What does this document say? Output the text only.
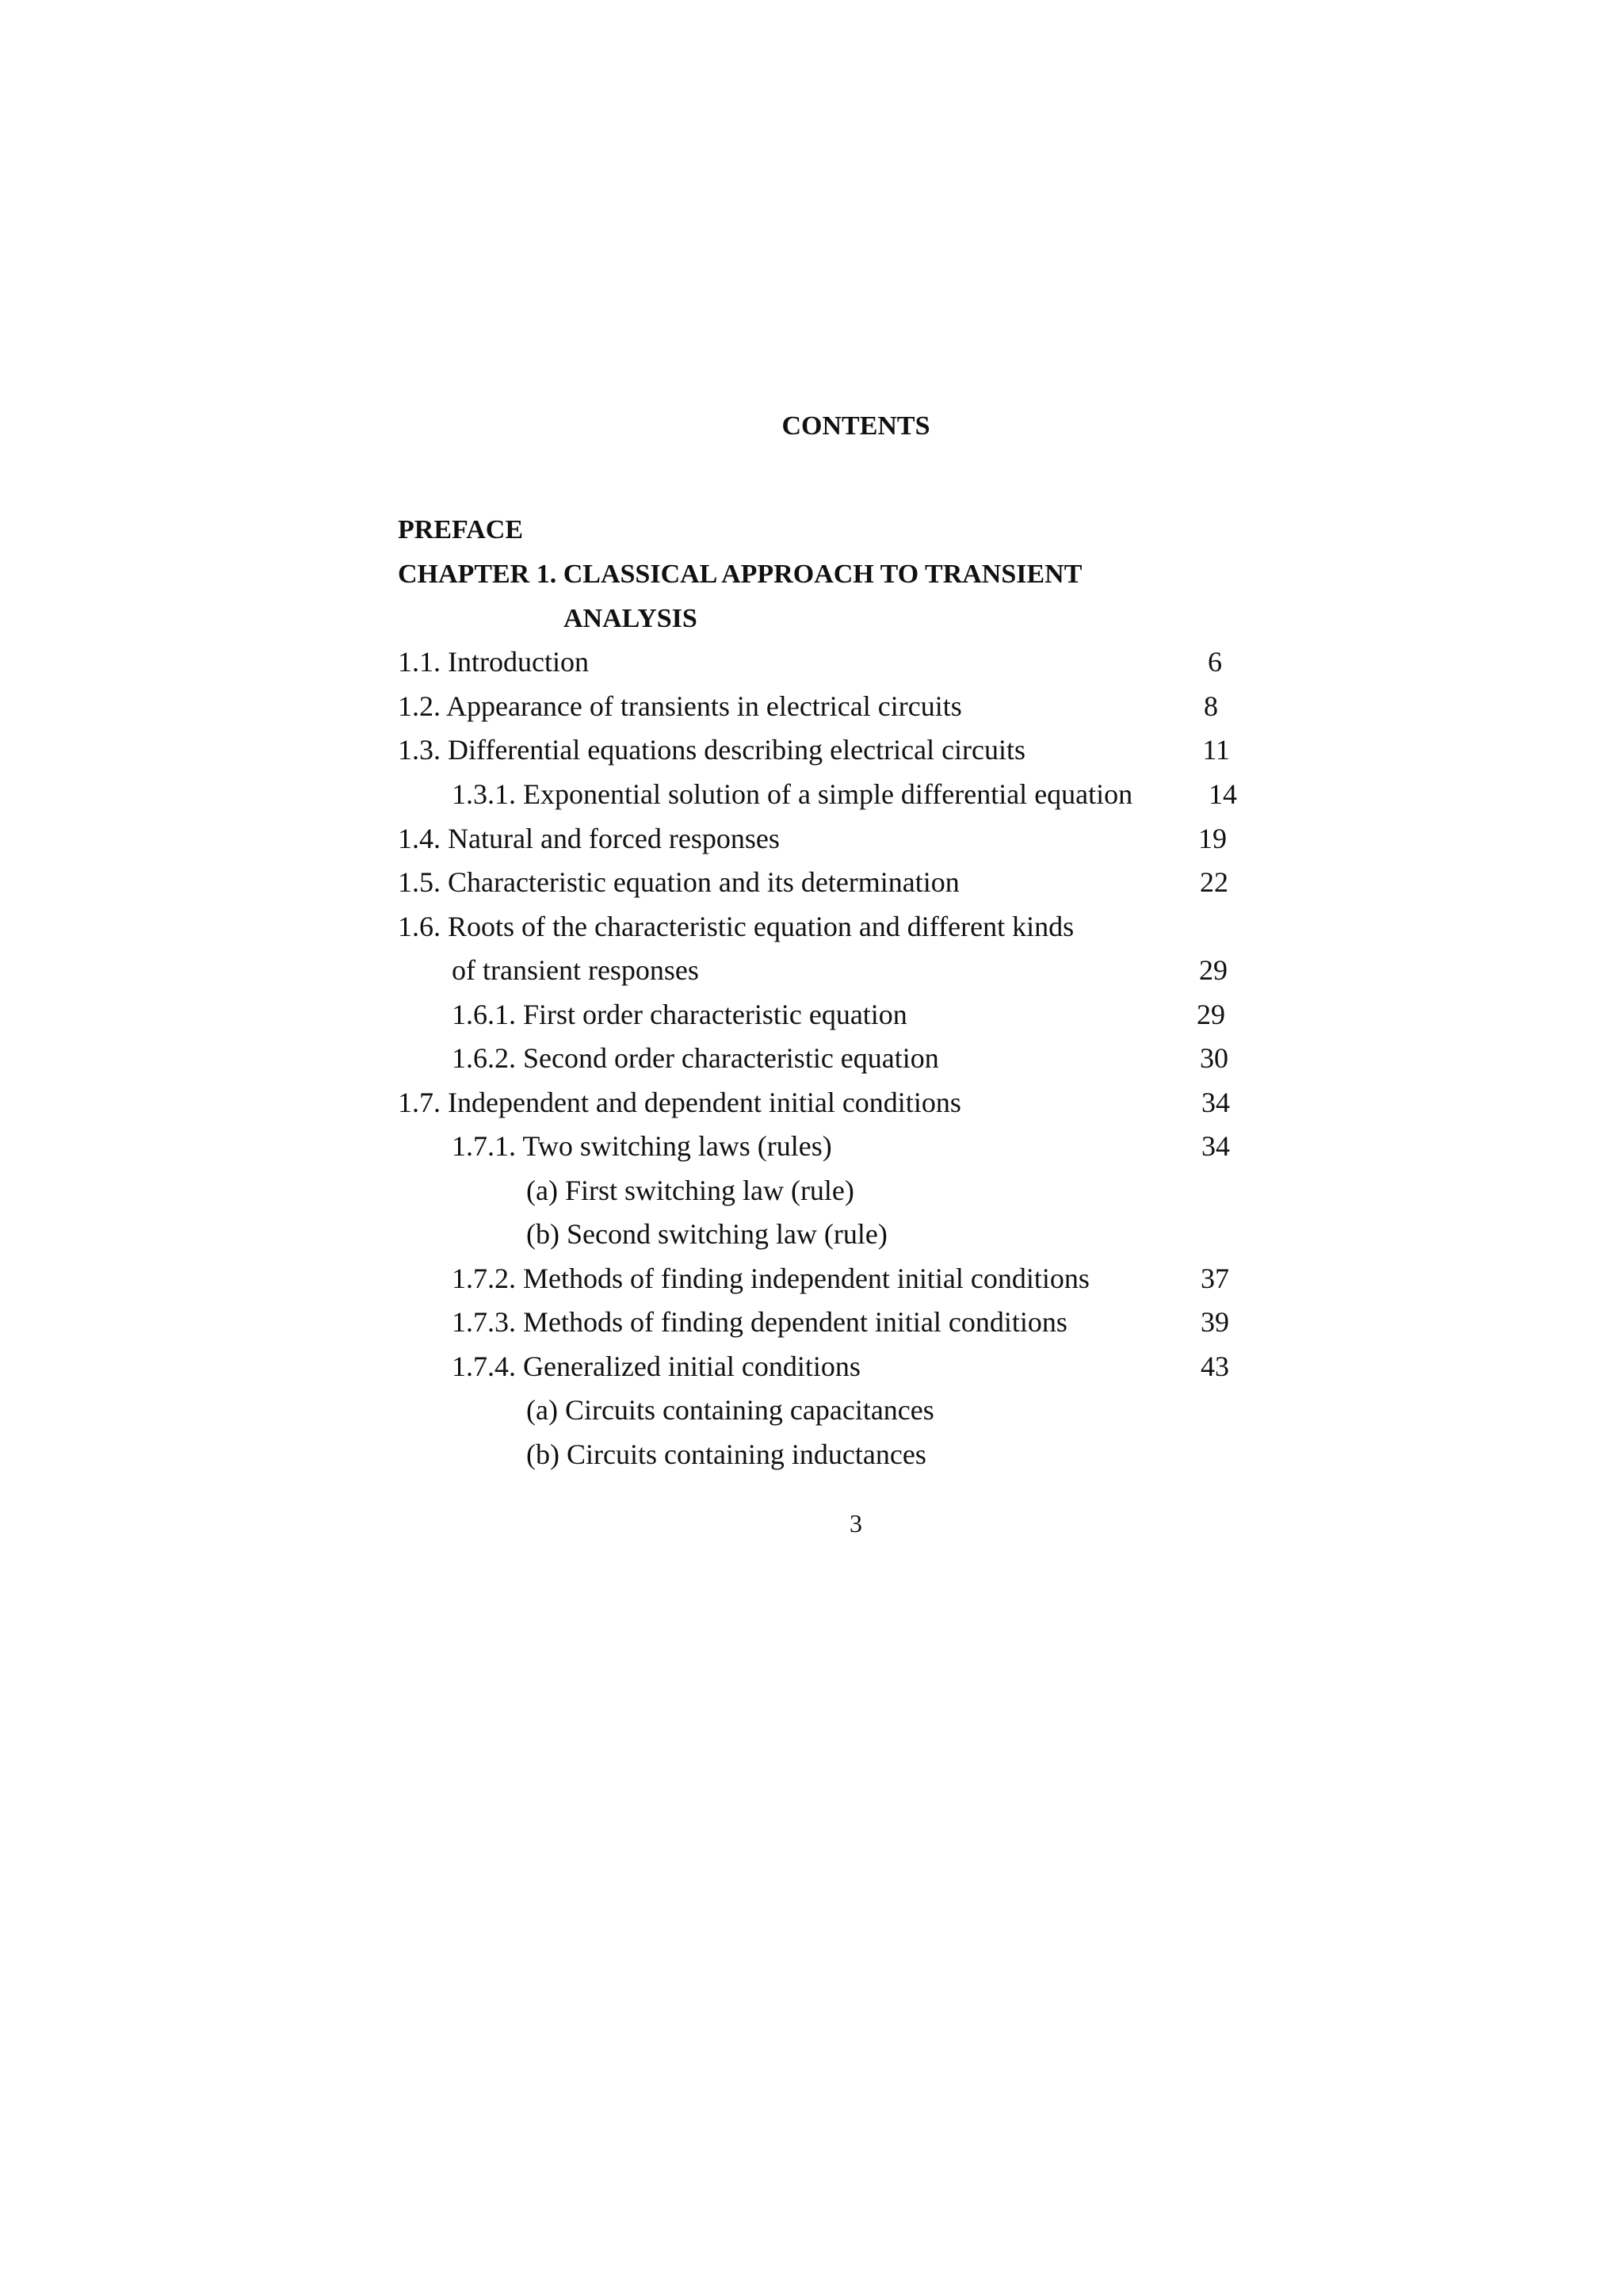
CONTENTS
PREFACE
CHAPTER 1. CLASSICAL APPROACH TO TRANSIENT
ANALYSIS
1.1. Introduction	6
1.2. Appearance of transients in electrical circuits	8
1.3. Differential equations describing electrical circuits	11
1.3.1. Exponential solution of a simple differential equation	14
1.4. Natural and forced responses	19
1.5. Characteristic equation and its determination	22
1.6. Roots of the characteristic equation and different kinds
of transient responses	29
1.6.1. First order characteristic equation	29
1.6.2. Second order characteristic equation	30
1.7. Independent and dependent initial conditions	34
1.7.1. Two switching laws (rules)	34
(a) First switching law (rule)
(b) Second switching law (rule)
1.7.2. Methods of finding independent initial conditions	37
1.7.3. Methods of finding dependent initial conditions	39
1.7.4. Generalized initial conditions	43
(a) Circuits containing capacitances
(b) Circuits containing inductances
3
